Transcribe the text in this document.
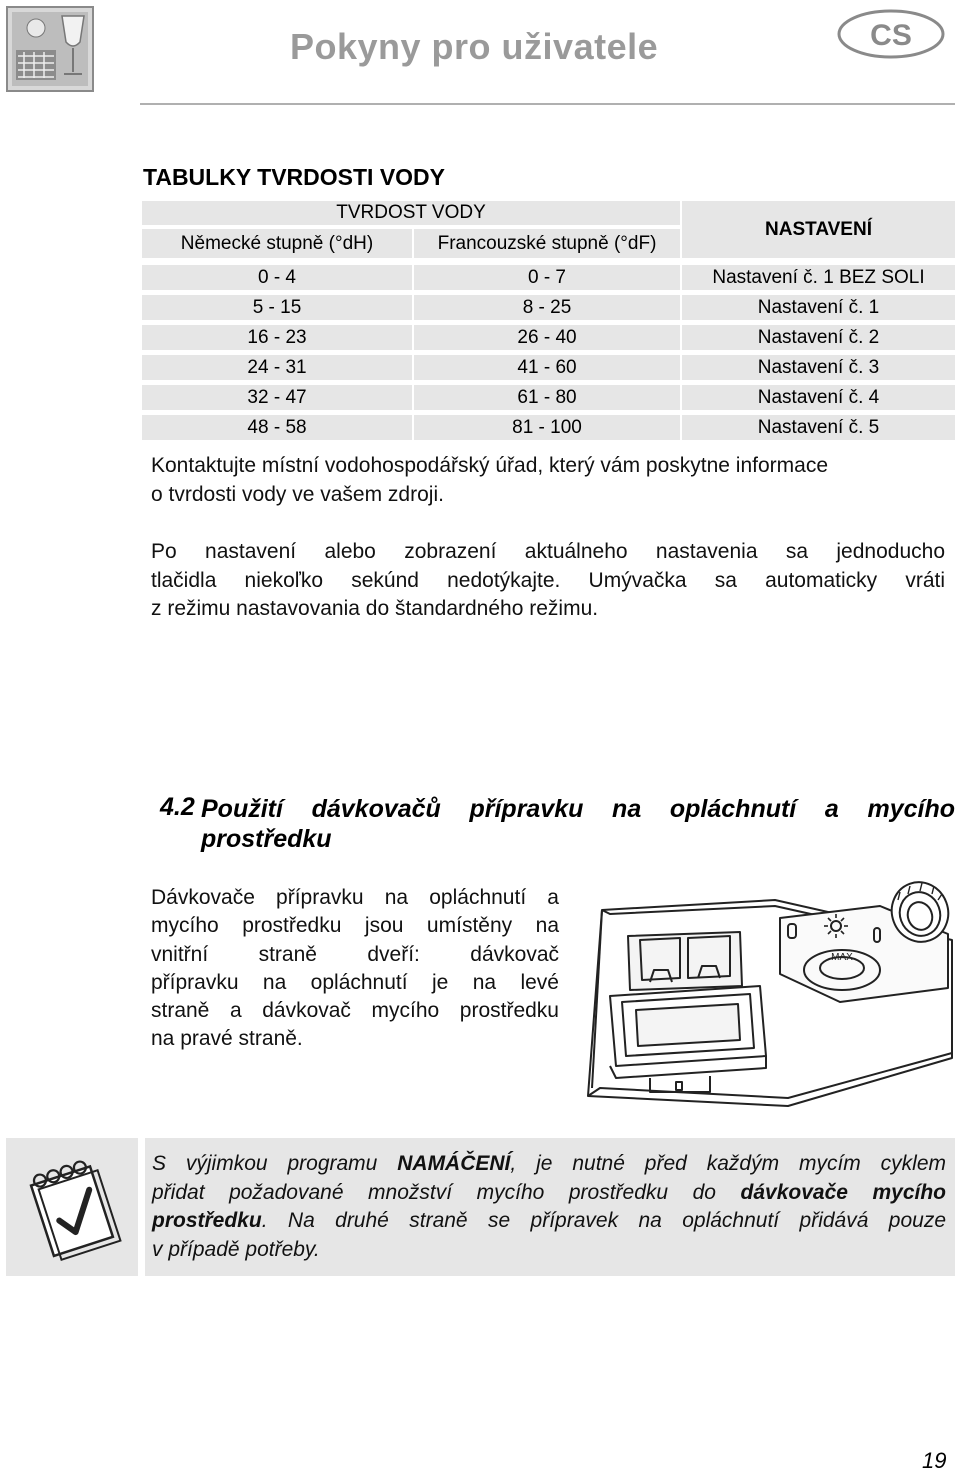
Pokyny pro uživatele	CS
TABULKY TVRDOSTI VODY
TVRDOST VODY
NASTAVENÍ
Německé stupně (°dH)	Francouzské stupně (°dF)
0 - 4	0 - 7	Nastavení č. 1 BEZ SOLI
5 - 15	8 - 25	Nastavení č. 1
16 - 23	26 - 40	Nastavení č. 2
24 - 31	41 - 60	Nastavení č. 3
32 - 47	61 - 80	Nastavení č. 4
48 - 58	81 - 100	Nastavení č. 5
Kontaktujte místní vodohospodářský úřad, který vám poskytne informace
o tvrdosti vody ve vašem zdroji.
Po nastavení alebo zobrazení aktuálneho nastavenia sa jednoducho
tlačidla niekoľko sekúnd nedotýkajte. Umývačka sa automaticky vráti
z režimu nastavovania do štandardného režimu.
4.2 Použití dávkovačů přípravku na opláchnutí a mycího
prostředku
Dávkovače přípravku na opláchnutí a
mycího prostředku jsou umístěny na
vnitřní straně dveří: dávkovač
přípravku na opláchnutí je na levé
straně a dávkovač mycího prostředku
na pravé straně.
MAX
S výjimkou programu NAMÁČENÍ, je nutné před každým mycím cyklem
přidat požadované množství mycího prostředku do dávkovače mycího
prostředku. Na druhé straně se přípravek na opláchnutí přidává pouze
v případě potřeby.
19
